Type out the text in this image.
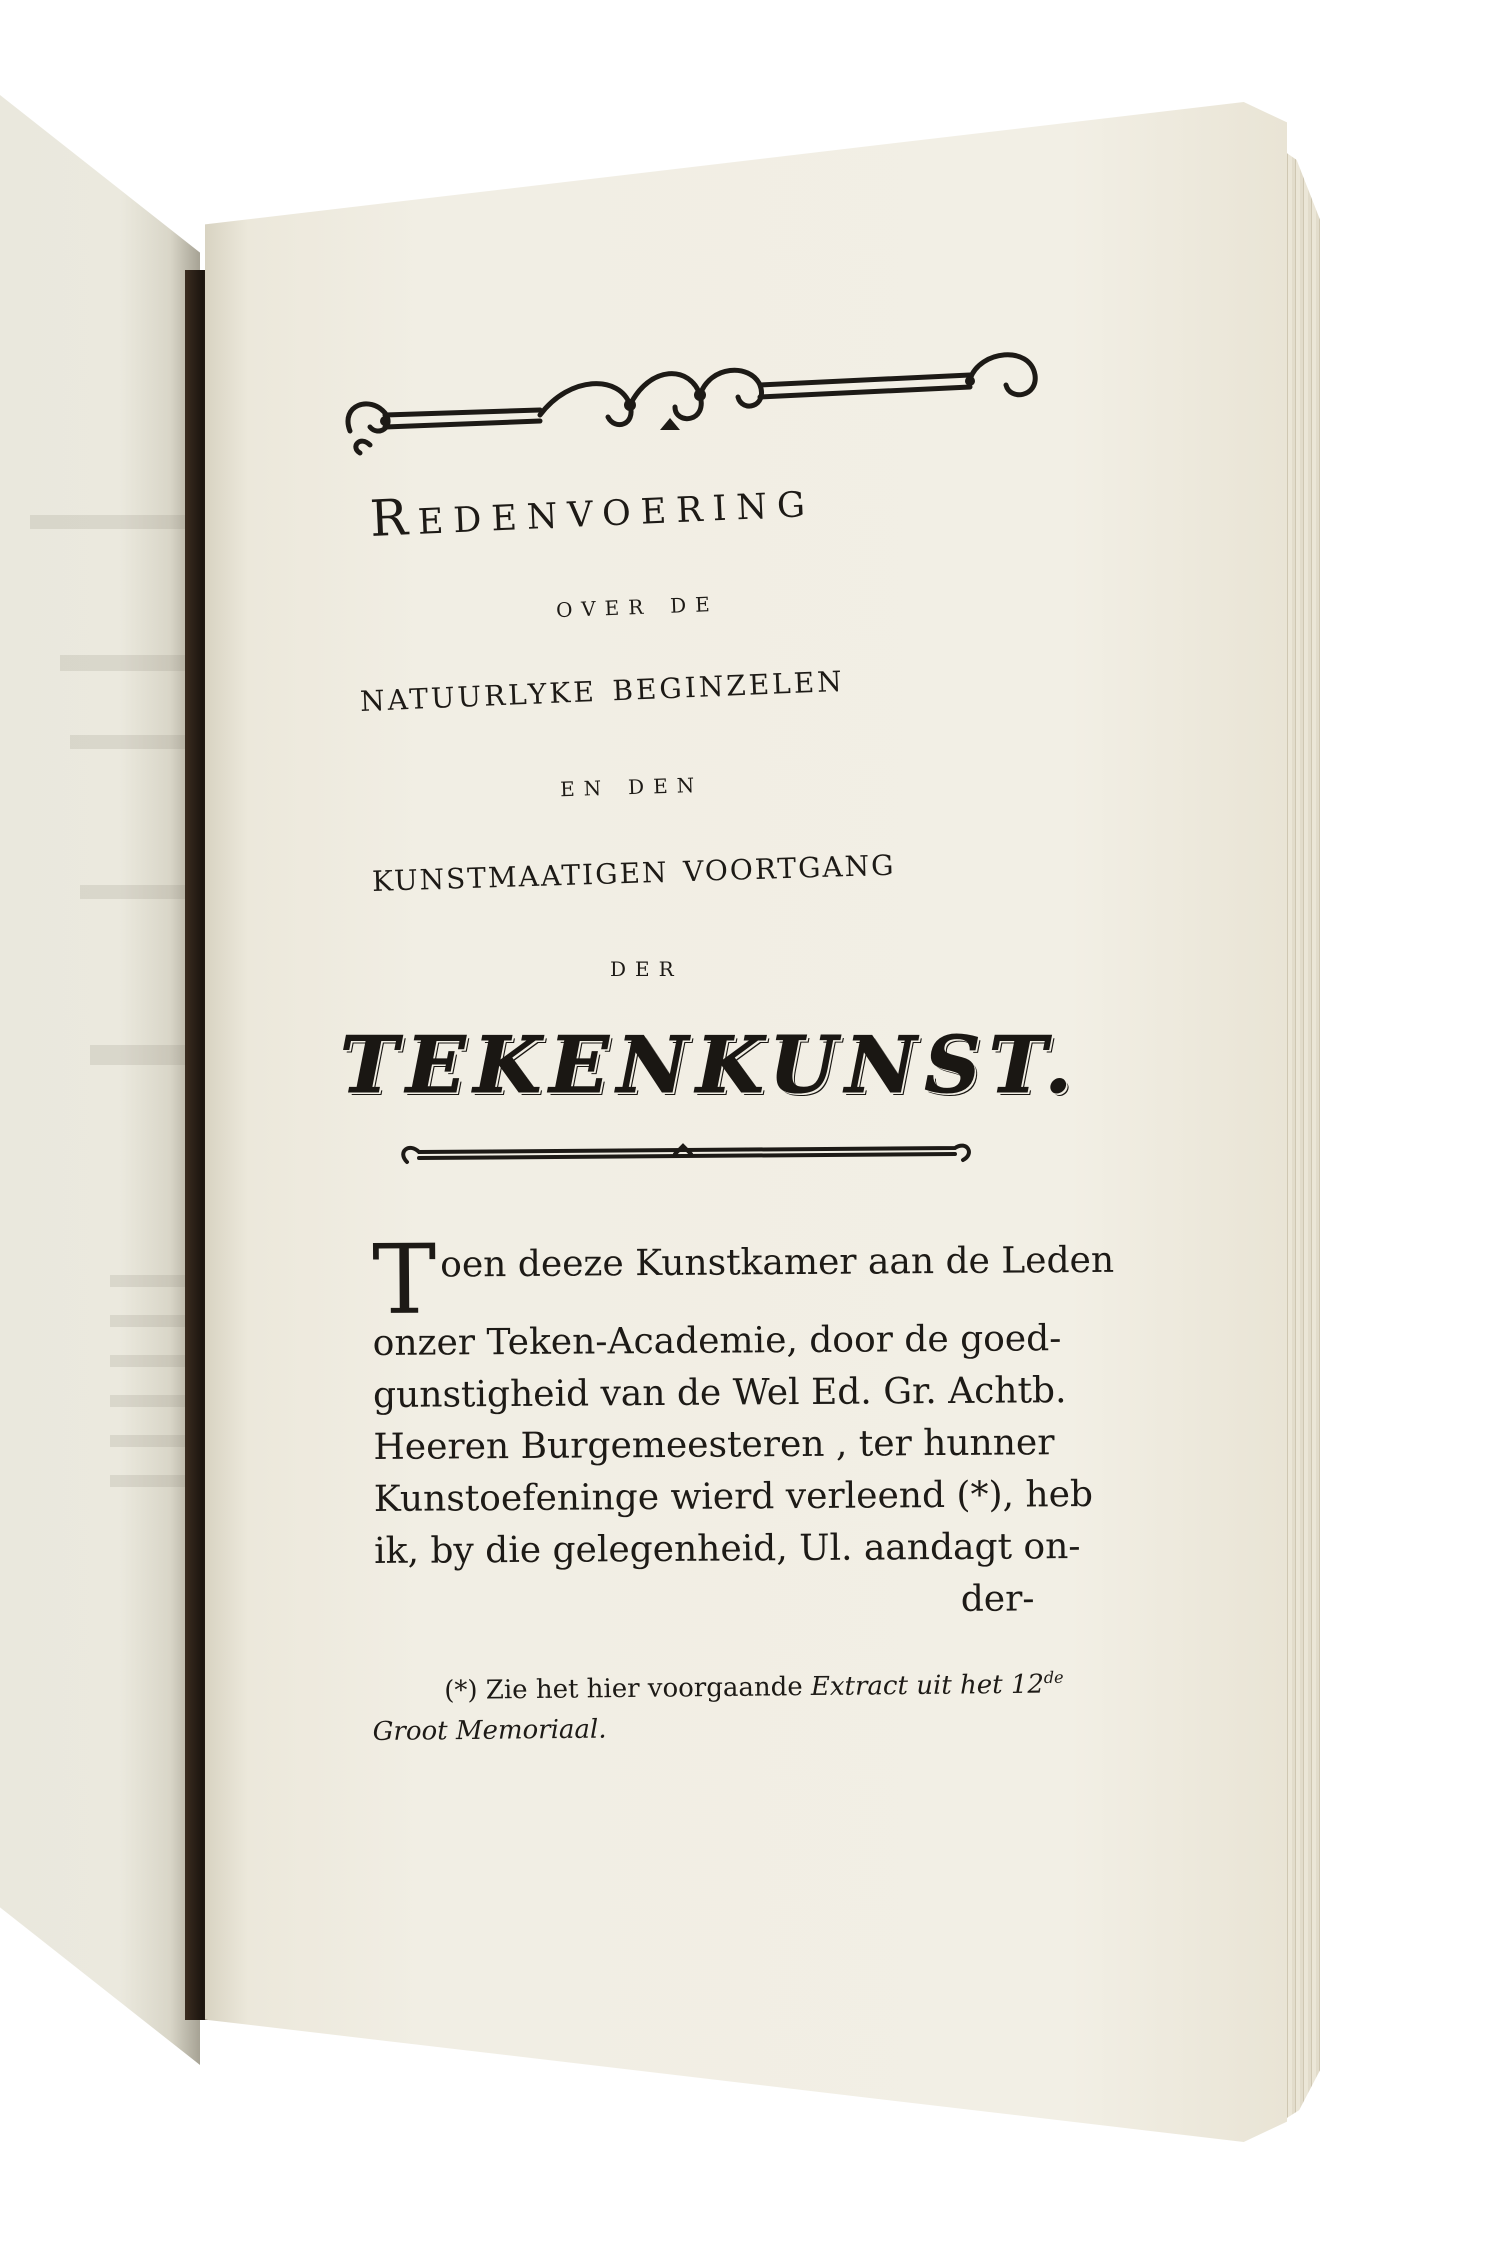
Redenvoering
over de
natuurlyke beginzelen
en den
kunstmaatigen voortgang
der
TEKENKUNST.
T oen deeze Kunstkamer aan de Leden
onzer Teken-Academie, door de goed-
gunstigheid van de Wel Ed. Gr. Achtb.
Heeren Burgemeesteren , ter hunner
Kunstoefeninge wierd verleend (*), heb
ik, by die gelegenheid, Ul. aandagt on-
der-
(*) Zie het hier voorgaande Extract uit het 12de
Groot Memoriaal.
